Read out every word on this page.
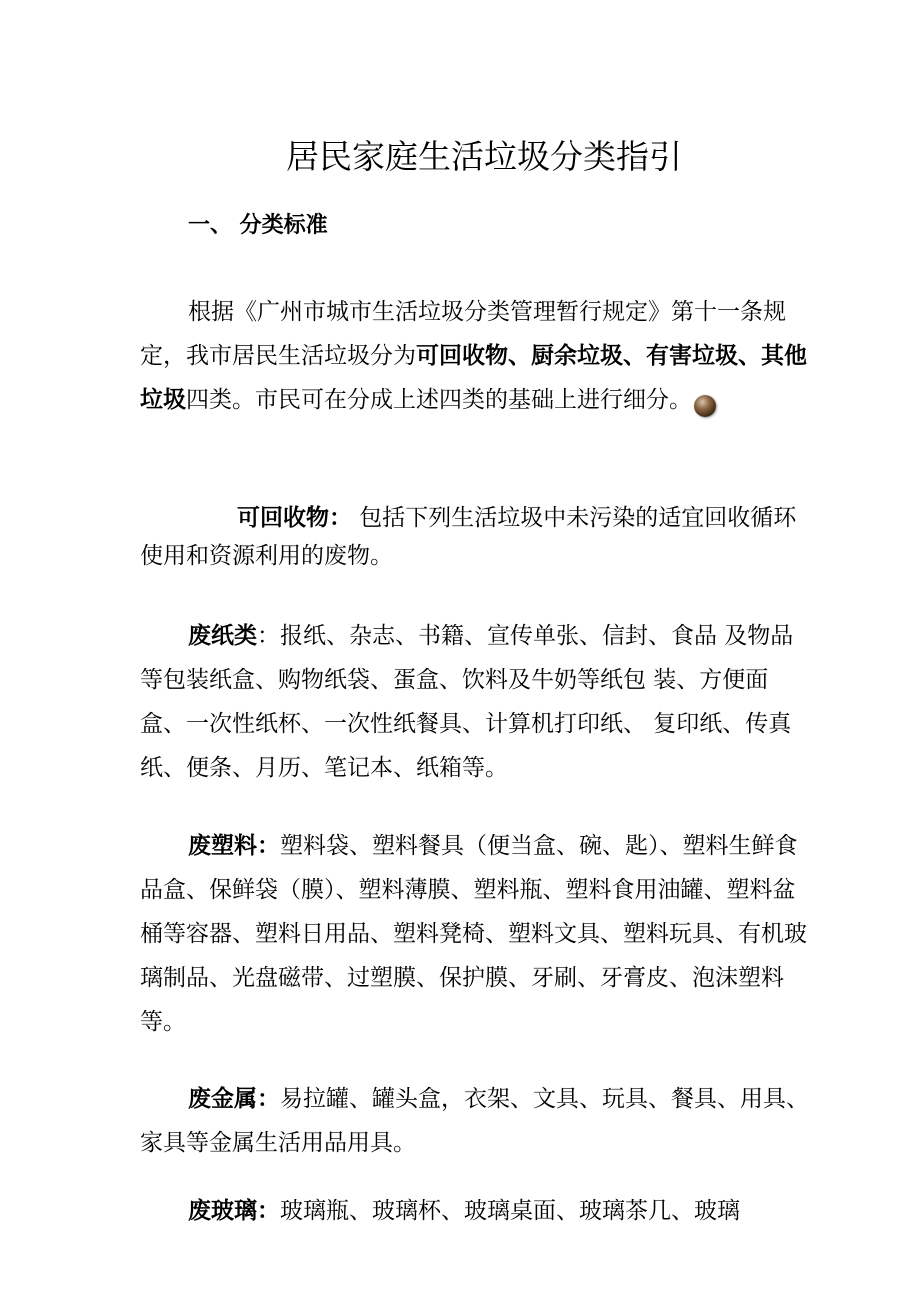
居民家庭生活垃圾分类指引
一、 分类标准

根据《广州市城市生活垃圾分类管理暂行规定》第十一条规定，我市居民生活垃圾分为可回收物、厨余垃圾、有害垃圾、其他垃圾四类。市民可在分成上述四类的基础上进行细分。

可回收物： 包括下列生活垃圾中未污染的适宜回收循环使用和资源利用的废物。

废纸类：报纸、杂志、书籍、宣传单张、信封、食品 及物品等包装纸盒、购物纸袋、蛋盒、饮料及牛奶等纸包 装、方便面盒、一次性纸杯、一次性纸餐具、计算机打印纸、 复印纸、传真纸、便条、月历、笔记本、纸箱等。

废塑料：塑料袋、塑料餐具（便当盒、碗、匙）、塑料生鲜食品盒、保鲜袋（膜）、塑料薄膜、塑料瓶、塑料食用油罐、塑料盆桶等容器、塑料日用品、塑料凳椅、塑料文具、塑料玩具、有机玻璃制品、光盘磁带、过塑膜、保护膜、牙刷、牙膏皮、泡沫塑料等。

废金属：易拉罐、罐头盒，衣架、文具、玩具、餐具、用具、家具等金属生活用品用具。

废玻璃：玻璃瓶、玻璃杯、玻璃桌面、玻璃茶几、玻璃
